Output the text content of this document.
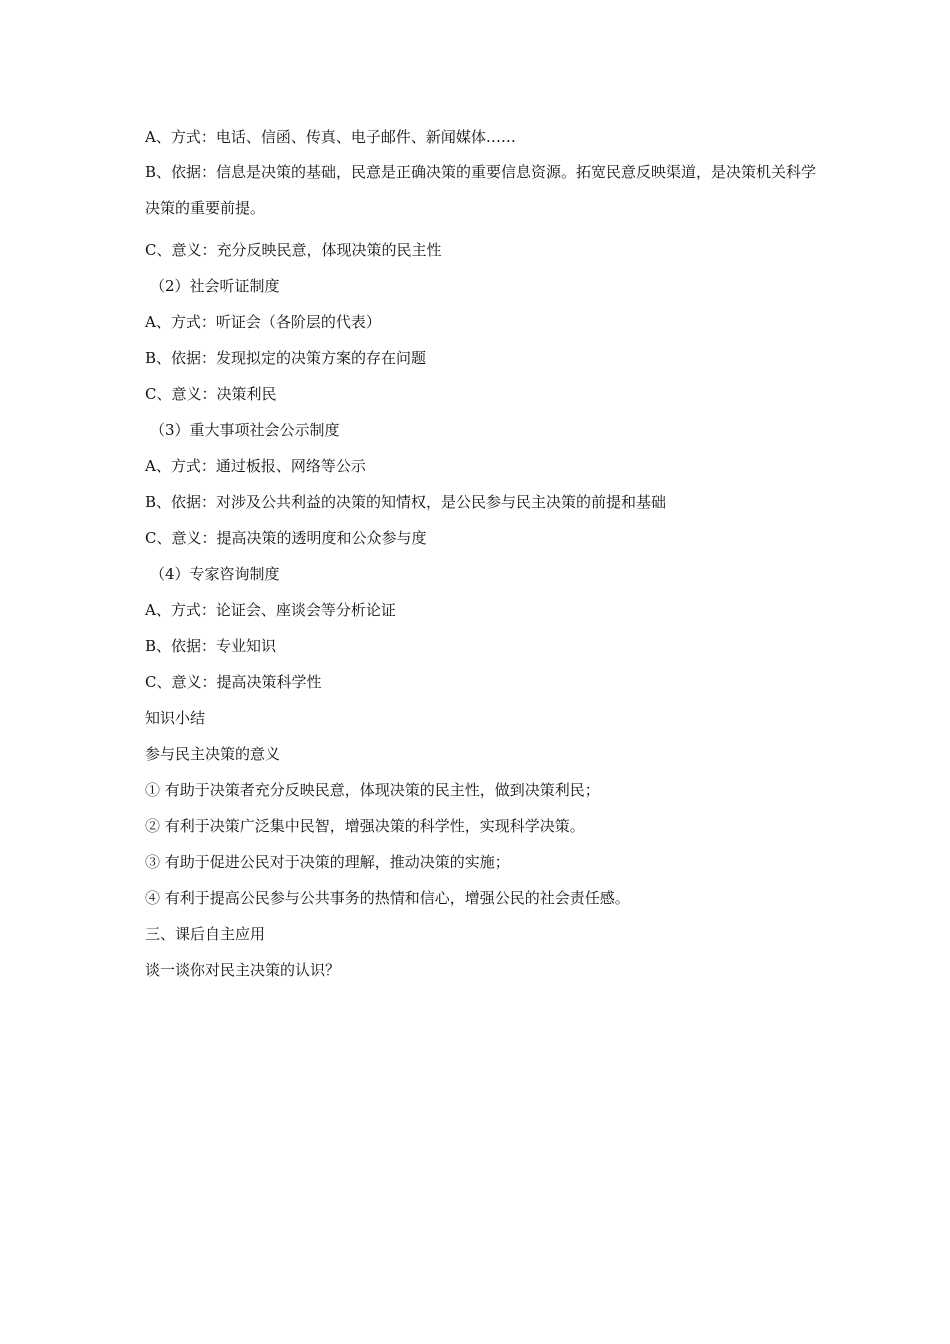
A、方式：电话、信函、传真、电子邮件、新闻媒体……
B、依据：信息是决策的基础，民意是正确决策的重要信息资源。拓宽民意反映渠道，是决策机关科学决策的重要前提。
C、意义：充分反映民意，体现决策的民主性
（2）社会听证制度
A、方式：听证会（各阶层的代表）
B、依据：发现拟定的决策方案的存在问题
C、意义：决策利民
（3）重大事项社会公示制度
A、方式：通过板报、网络等公示
B、依据：对涉及公共利益的决策的知情权，是公民参与民主决策的前提和基础
C、意义：提高决策的透明度和公众参与度
（4）专家咨询制度
A、方式：论证会、座谈会等分析论证
B、依据：专业知识
C、意义：提高决策科学性
知识小结
参与民主决策的意义
① 有助于决策者充分反映民意，体现决策的民主性，做到决策利民；
② 有利于决策广泛集中民智，增强决策的科学性，实现科学决策。
③ 有助于促进公民对于决策的理解，推动决策的实施；
④ 有利于提高公民参与公共事务的热情和信心，增强公民的社会责任感。
三、课后自主应用
谈一谈你对民主决策的认识？
